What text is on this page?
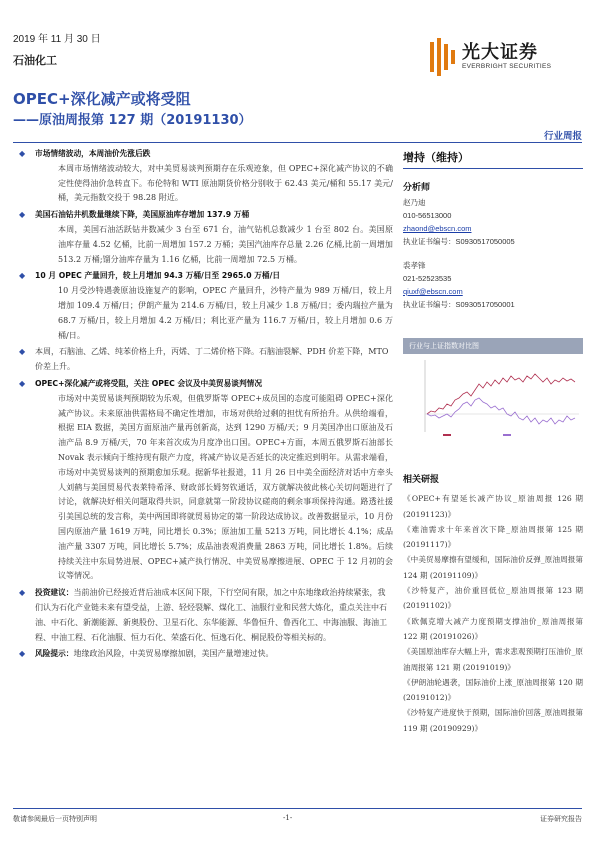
2019 年 11 月 30 日
石油化工	光大证券
EVERBRIGHT SECURITIES
OPEC+深化减产或将受阻
——原油周报第 127 期（20191130）
行业周报
◆ 市场情绪波动，本周油价先涨后跌
本周市场情绪波动较大，对中美贸易谈判预期存在乐观迹象，但 OPEC+深化减产协议的不确定性使得油价急转直下。布伦特和 WTI 原油期货价格分别收于 62.43 美元/桶和 55.17 美元/桶，美元指数交投于 98.28 附近。
◆ 美国石油钻井机数量继续下降，美国原油库存增加 137.9 万桶
本周，美国石油活跃钻井数减少 3 台至 671 台，油气钻机总数减少 1 台至 802 台。美国原油库存量 4.52 亿桶，比前一周增加 157.2 万桶；美国汽油库存总量 2.26 亿桶,比前一周增加 513.2 万桶;馏分油库存量为 1.16 亿桶，比前一周增加 72.5 万桶。
◆ 10 月 OPEC 产量回升，较上月增加 94.3 万桶/日至 2965.0 万桶/日
10 月受沙特遇袭原油设施复产的影响，OPEC 产量回升，沙特产量为 989 万桶/日，较上月增加 109.4 万桶/日；伊朗产量为 214.6 万桶/日，较上月减少 1.8 万桶/日；委内瑞拉产量为 68.7 万桶/日，较上月增加 4.2 万桶/日；利比亚产量为 116.7 万桶/日，较上月增加 0.6 万桶/日。
◆ 本周，石脑油、乙烯、纯苯价格上升，丙烯、丁二烯价格下降。石脑油裂解、PDH 价差下降，MTO 价差上升。
◆ OPEC+深化减产或将受阻，关注 OPEC 会议及中美贸易谈判情况
市场对中美贸易谈判预期较为乐观，但俄罗斯等 OPEC+成员国的态度可能阻碍 OPEC+深化减产协议。未来原油供需格局不确定性增加，市场对供给过剩的担忧有所抬升。从供给端看，根据 EIA 数据，美国方面原油产量再创新高，达到 1290 万桶/天；9 月美国净出口原油及石油产品 8.9 万桶/天，70 年来首次成为月度净出口国。OPEC+方面，本周五俄罗斯石油部长 Novak 表示倾向于维持现有限产力度，将减产协议是否延长的决定推迟到明年。从需求端看，市场对中美贸易谈判的预期愈加乐观。据新华社报道，11 月 26 日中美全面经济对话中方牵头人刘鹤与美国贸易代表莱特希泽、财政部长姆努钦通话，双方就解决彼此核心关切问题进行了讨论，就解决好相关问题取得共识，同意就第一阶段协议磋商的剩余事项保持沟通。路透社援引美国总统的发言称，美中两国即将就贸易协定的第一阶段达成协议。改善数据显示，10 月份国内原油产量 1619 万吨，同比增长 0.3%；原油加工量 5213 万吨，同比增长 4.1%；成品油产量 3307 万吨，同比增长 5.7%；成品油表观消费量 2863 万吨，同比增长 1.8%。后续持续关注中东局势进展、OPEC+减产执行情况、中美贸易摩擦进展、OPEC 于 12 月初的会议等情况。
◆ 投资建议：当前油价已经接近背后油成本区间下限，下行空间有限，加之中东地缘政治持续紧张，我们认为石化产业链未来有望受益，上游、轻烃裂解、煤化工、油服行业和民营大炼化，重点关注中石油、中石化、新潮能源、新奥股份、卫星石化、东华能源、华鲁恒升、鲁西化工、中海油服、海油工程、中油工程、石化油服、恒力石化、荣盛石化、恒逸石化、桐昆股份等相关标的。
◆ 风险提示：地缘政治风险，中美贸易摩擦加剧，美国产量增速过快。
增持（维持）
分析师
赵乃迪
010-56513000
zhaond@ebscn.com
执业证书编号：S0930517050005
裘孝锋
021-52523535
qiuxf@ebscn.com
执业证书编号：S0930517050001
行业与上证指数对比图
相关研报
《OPEC+有望延长减产协议_原油周报 126 期 (20191123)》
《难油需求十年来首次下降_原油周报第 125 期 (20191117)》
《中美贸易摩擦有望缓和，国际油价反弹_原油周报第 124 期 (20191109)》
《沙特复产，油价重回低位_原油周报第 123 期 (20191102)》
《欧佩克增大减产力度预期支撑油价_原油周报第 122 期 (20191026)》
《美国原油库存大幅上升，需求悲观预期打压油价_原油周报第 121 期 (20191019)》
《伊朗油轮遇袭，国际油价上涨_原油周报第 120 期 (20191012)》
《沙特复产进度快于预期，国际油价回落_原油周报第 119 期 (20190929)》
敬请参阅最后一页特别声明	-1-	证券研究报告
